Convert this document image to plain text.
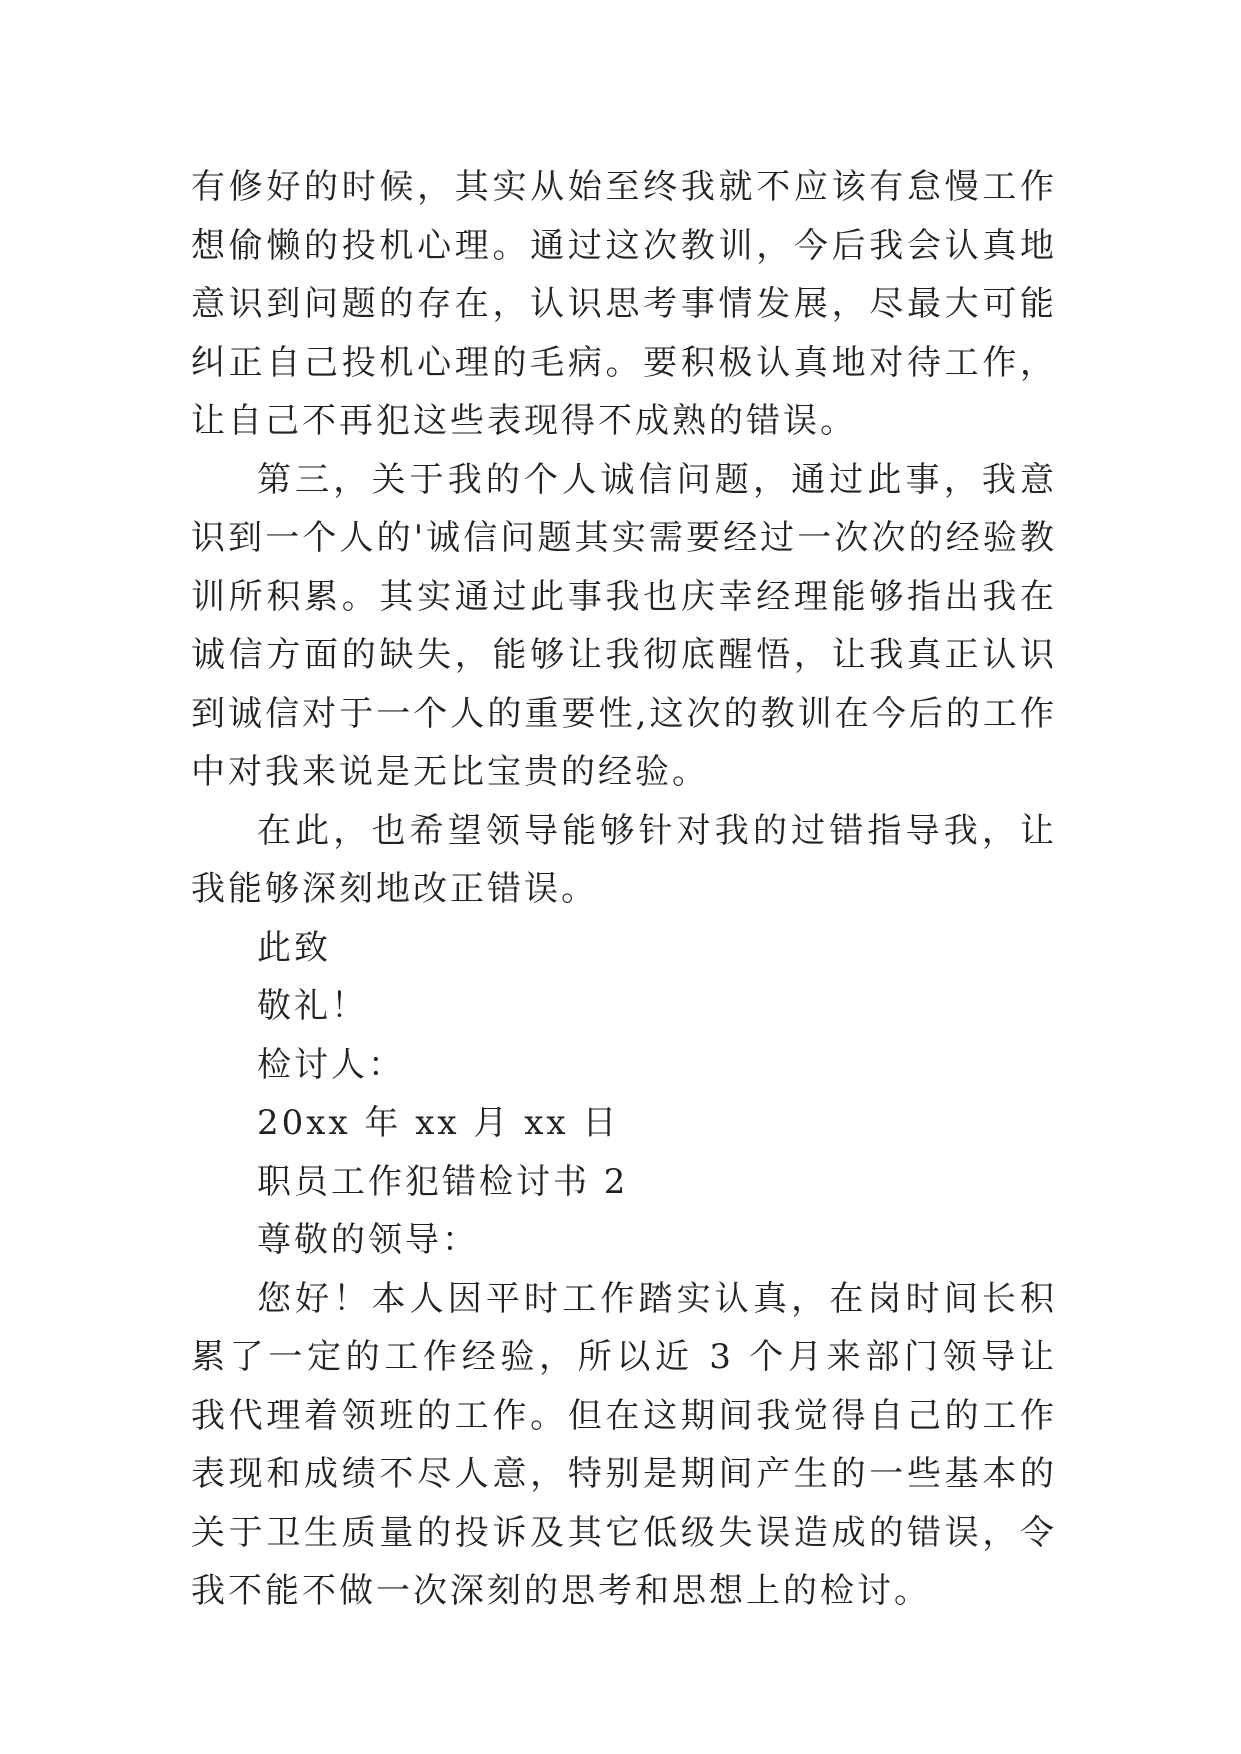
有修好的时候，其实从始至终我就不应该有怠慢工作想偷懒的投机心理。通过这次教训，今后我会认真地意识到问题的存在，认识思考事情发展，尽最大可能纠正自己投机心理的毛病。要积极认真地对待工作，让自己不再犯这些表现得不成熟的错误。

第三，关于我的个人诚信问题，通过此事，我意识到一个人的'诚信问题其实需要经过一次次的经验教训所积累。其实通过此事我也庆幸经理能够指出我在诚信方面的缺失，能够让我彻底醒悟，让我真正认识到诚信对于一个人的重要性,这次的教训在今后的工作中对我来说是无比宝贵的经验。

在此，也希望领导能够针对我的过错指导我，让我能够深刻地改正错误。

此致

敬礼！

检讨人：

20xx 年 xx 月 xx 日

职员工作犯错检讨书 2

尊敬的领导：

您好！本人因平时工作踏实认真，在岗时间长积累了一定的工作经验，所以近 3 个月来部门领导让我代理着领班的工作。但在这期间我觉得自己的工作表现和成绩不尽人意，特别是期间产生的一些基本的关于卫生质量的投诉及其它低级失误造成的错误，令我不能不做一次深刻的思考和思想上的检讨。
